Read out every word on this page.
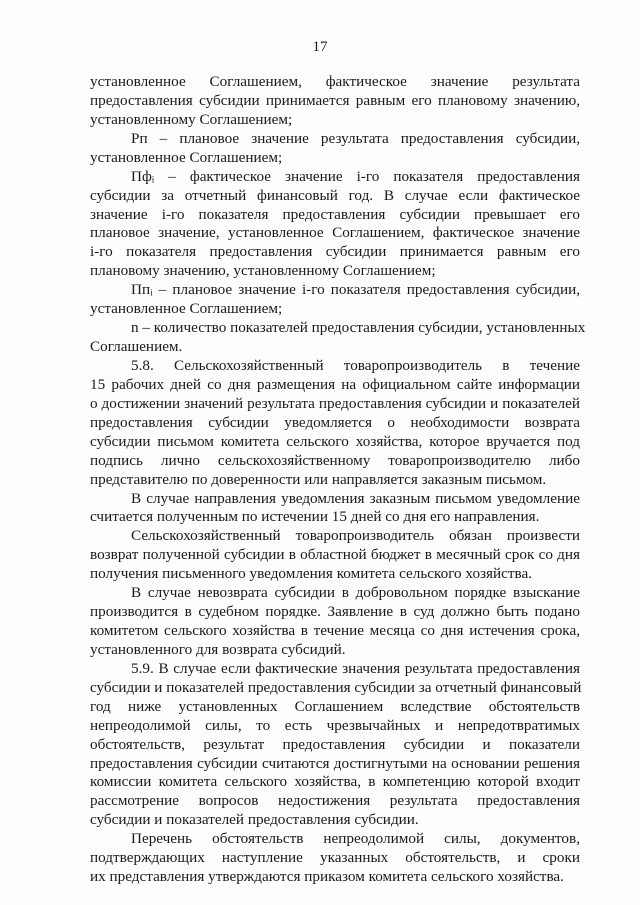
17
установленное Соглашением, фактическое значение результата
предоставления субсидии принимается равным его плановому значению,
установленному Соглашением;
Рп – плановое значение результата предоставления субсидии,
установленное Соглашением;
Пфᵢ – фактическое значение i-го показателя предоставления
субсидии за отчетный финансовый год. В случае если фактическое
значение i-го показателя предоставления субсидии превышает его
плановое значение, установленное Соглашением, фактическое значение
i-го показателя предоставления субсидии принимается равным его
плановому значению, установленному Соглашением;
Ппᵢ – плановое значение i-го показателя предоставления субсидии,
установленное Соглашением;
n – количество показателей предоставления субсидии, установленных
Соглашением.
5.8. Сельскохозяйственный товаропроизводитель в течение
15 рабочих дней со дня размещения на официальном сайте информации
о достижении значений результата предоставления субсидии и показателей
предоставления субсидии уведомляется о необходимости возврата
субсидии письмом комитета сельского хозяйства, которое вручается под
подпись лично сельскохозяйственному товаропроизводителю либо
представителю по доверенности или направляется заказным письмом.
В случае направления уведомления заказным письмом уведомление
считается полученным по истечении 15 дней со дня его направления.
Сельскохозяйственный товаропроизводитель обязан произвести
возврат полученной субсидии в областной бюджет в месячный срок со дня
получения письменного уведомления комитета сельского хозяйства.
В случае невозврата субсидии в добровольном порядке взыскание
производится в судебном порядке. Заявление в суд должно быть подано
комитетом сельского хозяйства в течение месяца со дня истечения срока,
установленного для возврата субсидий.
5.9. В случае если фактические значения результата предоставления
субсидии и показателей предоставления субсидии за отчетный финансовый
год ниже установленных Соглашением вследствие обстоятельств
непреодолимой силы, то есть чрезвычайных и непредотвратимых
обстоятельств, результат предоставления субсидии и показатели
предоставления субсидии считаются достигнутыми на основании решения
комиссии комитета сельского хозяйства, в компетенцию которой входит
рассмотрение вопросов недостижения результата предоставления
субсидии и показателей предоставления субсидии.
Перечень обстоятельств непреодолимой силы, документов,
подтверждающих наступление указанных обстоятельств, и сроки
их представления утверждаются приказом комитета сельского хозяйства.
